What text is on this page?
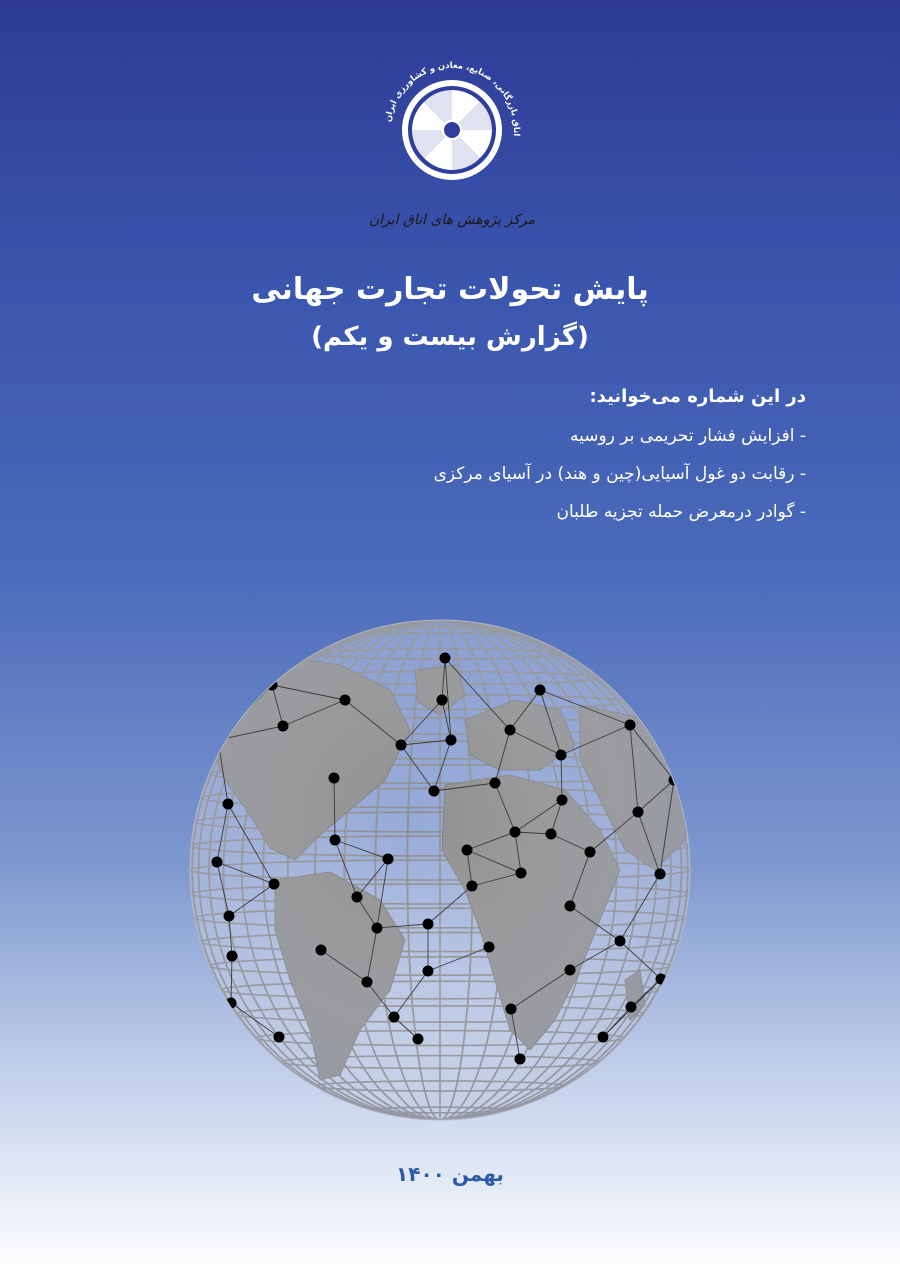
اتاق بازرگانی، صنایع، معادن و کشاورزی ایران
مرکز پژوهش های اتاق ایران
پایش تحولات تجارت جهانی
(گزارش بیست و یکم)
در این شماره می‌خوانید:
- افزایش فشار تحریمی بر روسیه
- رقابت دو غول آسیایی(چین و هند) در آسیای مرکزی
- گوادر درمعرض حمله تجزیه طلبان
بهمن ۱۴۰۰
